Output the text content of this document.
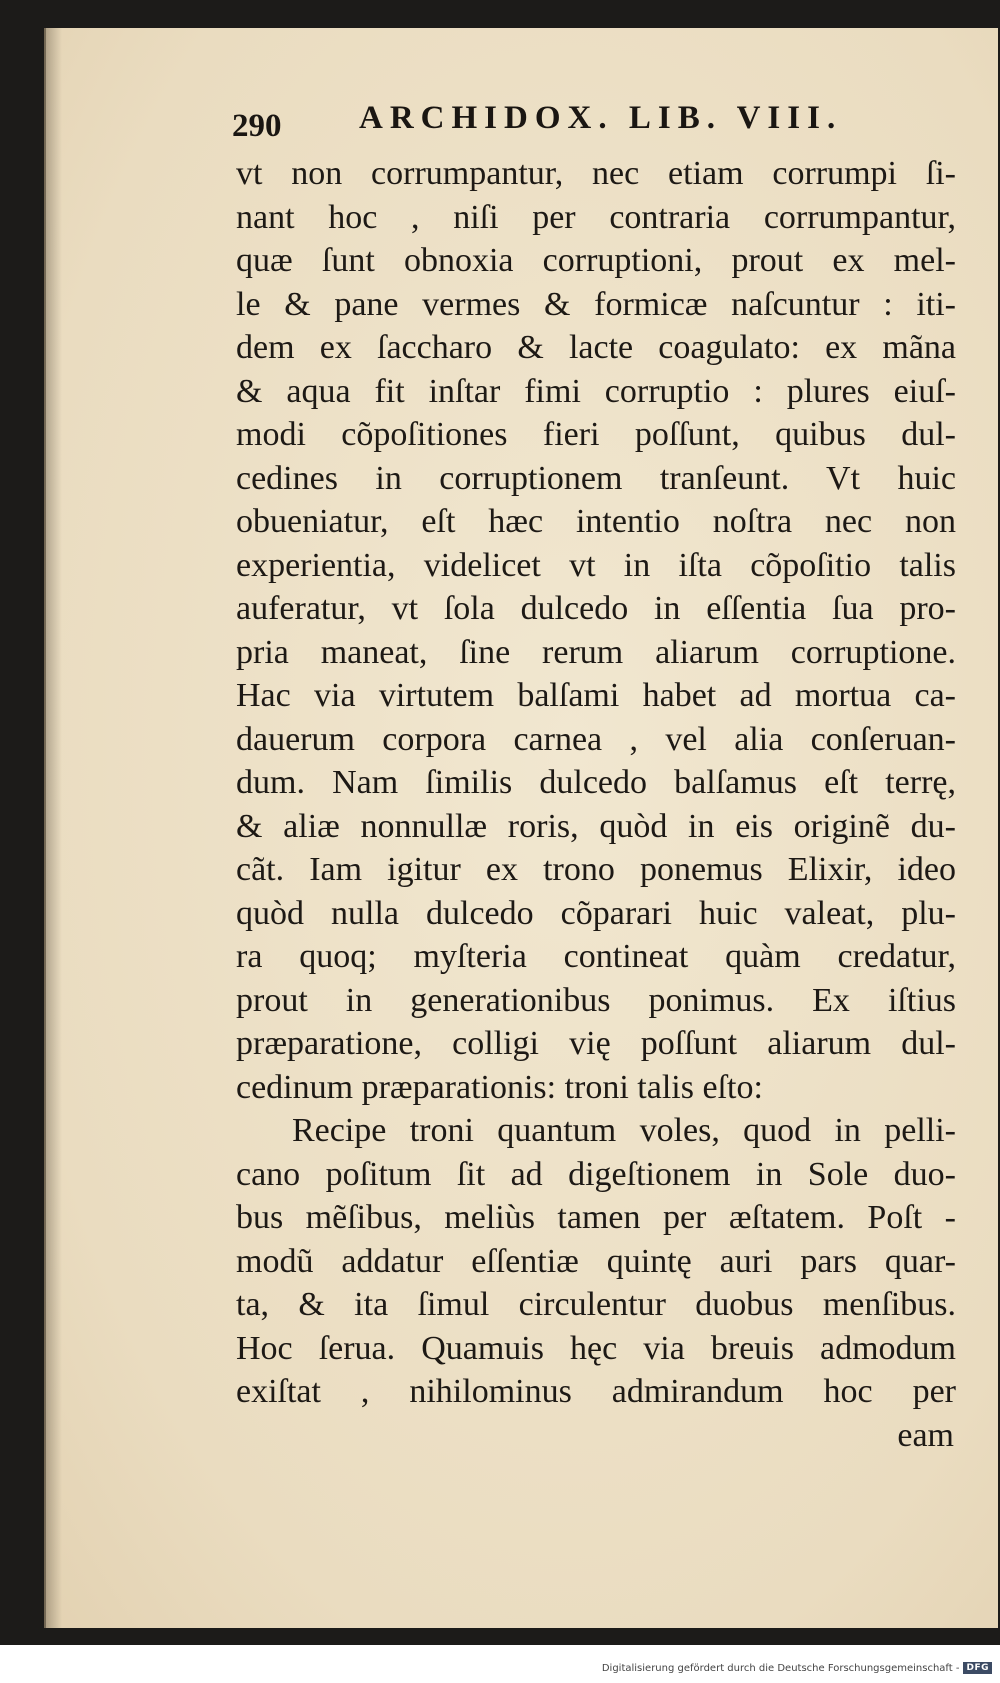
290 ARCHIDOX. LIB. VIII.
vt non corrumpantur, nec etiam corrumpi ſi-
nant hoc , niſi per contraria corrumpantur,
quæ ſunt obnoxia corruptioni, prout ex mel-
le & pane vermes & formicæ naſcuntur : iti-
dem ex ſaccharo & lacte coagulato: ex mãna
& aqua fit inſtar fimi corruptio : plures eiuſ-
modi cõpoſitiones fieri poſſunt, quibus dul-
cedines in corruptionem tranſeunt. Vt huic
obueniatur, eſt hæc intentio noſtra nec non
experientia, videlicet vt in iſta cõpoſitio talis
auferatur, vt ſola dulcedo in eſſentia ſua pro-
pria maneat, ſine rerum aliarum corruptione.
Hac via virtutem balſami habet ad mortua ca-
dauerum corpora carnea , vel alia conſeruan-
dum. Nam ſimilis dulcedo balſamus eſt terrę,
& aliæ nonnullæ roris, quòd in eis originẽ du-
cãt. Iam igitur ex trono ponemus Elixir, ideo
quòd nulla dulcedo cõparari huic valeat, plu-
ra quoq; myſteria contineat quàm credatur,
prout in generationibus ponimus. Ex iſtius
præparatione, colligi vię poſſunt aliarum dul-
cedinum præparationis: troni talis eſto:
Recipe troni quantum voles, quod in pelli-
cano poſitum ſit ad digeſtionem in Sole duo-
bus mẽſibus, meliùs tamen per æſtatem. Poſt -
modũ addatur eſſentiæ quintę auri pars quar-
ta, & ita ſimul circulentur duobus menſibus.
Hoc ſerua. Quamuis hęc via breuis admodum
exiſtat , nihilominus admirandum hoc per
eam
Digitalisierung gefördert durch die Deutsche Forschungsgemeinschaft - DFG
